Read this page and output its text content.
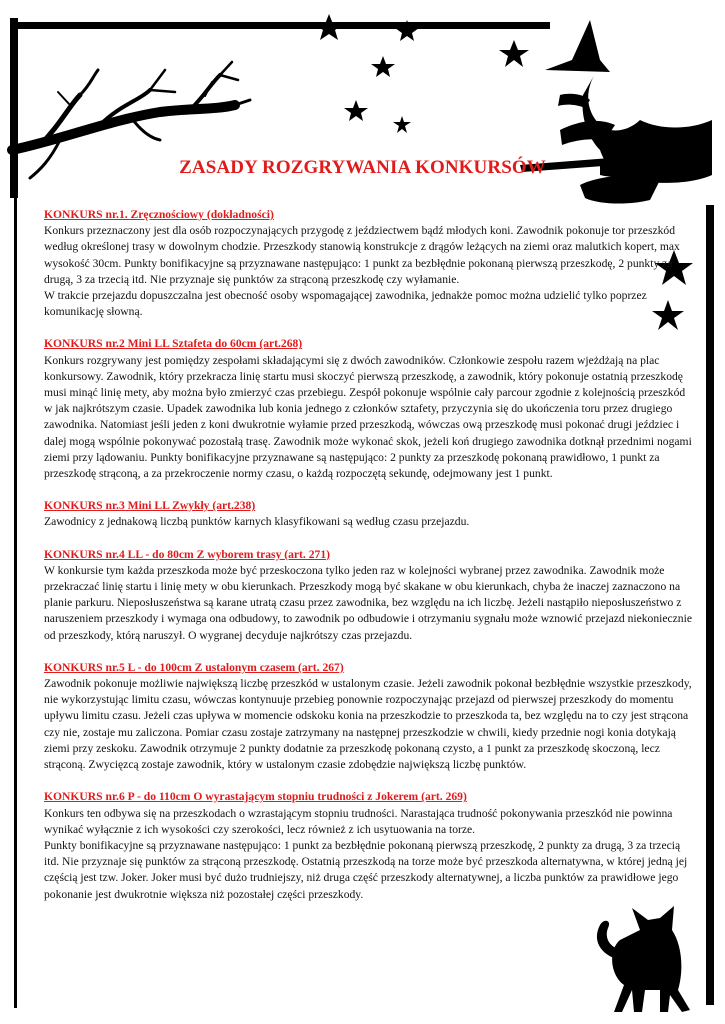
ZASADY ROZGRYWANIA KONKURSÓW
KONKURS nr.1. Zręcznościowy (dokładności)

Konkurs przeznaczony jest dla osób rozpoczynających przygodę z jeździectwem bądź młodych koni. Zawodnik pokonuje tor przeszkód według określonej trasy w dowolnym chodzie. Przeszkody stanowią konstrukcje z drągów leżących na ziemi oraz malutkich kopert, max wysokość 30cm. Punkty bonifikacyjne są przyznawane następująco: 1 punkt za bezbłędnie pokonaną pierwszą przeszkodę, 2 punkty za drugą, 3 za trzecią itd. Nie przyznaje się punktów za strąconą przeszkodę czy wyłamanie.

W trakcie przejazdu dopuszczalna jest obecność osoby wspomagającej zawodnika, jednakże pomoc można udzielić tylko poprzez komunikację słowną.

KONKURS nr.2 Mini LL Sztafeta do 60cm (art.268)

Konkurs rozgrywany jest pomiędzy zespołami składającymi się z dwóch zawodników. Członkowie zespołu razem wjeżdżają na plac konkursowy. Zawodnik, który przekracza linię startu musi skoczyć pierwszą przeszkodę, a zawodnik, który pokonuje ostatnią przeszkodę musi minąć linię mety, aby można było zmierzyć czas przebiegu. Zespół pokonuje wspólnie cały parcour zgodnie z kolejnością przeszkód w jak najkrótszym czasie. Upadek zawodnika lub konia jednego z członków sztafety, przyczynia się do ukończenia toru przez drugiego zawodnika. Natomiast jeśli jeden z koni dwukrotnie wyłamie przed przeszkodą, wówczas ową przeszkodę musi pokonać drugi jeździec i dalej mogą wspólnie pokonywać pozostałą trasę. Zawodnik może wykonać skok, jeżeli koń drugiego zawodnika dotknął przednimi nogami ziemi przy lądowaniu. Punkty bonifikacyjne przyznawane są następująco: 2 punkty za przeszkodę pokonaną prawidłowo, 1 punkt za przeszkodę strąconą, a za przekroczenie normy czasu, o każdą rozpoczętą sekundę, odejmowany jest 1 punkt.

KONKURS nr.3 Mini LL Zwykły (art.238)

Zawodnicy z jednakową liczbą punktów karnych klasyfikowani są według czasu przejazdu.

KONKURS nr.4 LL - do 80cm Z wyborem trasy (art. 271)

W konkursie tym każda przeszkoda może być przeskoczona tylko jeden raz w kolejności wybranej przez zawodnika. Zawodnik może przekraczać linię startu i linię mety w obu kierunkach. Przeszkody mogą być skakane w obu kierunkach, chyba że inaczej zaznaczono na planie parkuru. Nieposłuszeństwa są karane utratą czasu przez zawodnika, bez względu na ich liczbę. Jeżeli nastąpiło nieposłuszeństwo z naruszeniem przeszkody i wymaga ona odbudowy, to zawodnik po odbudowie i otrzymaniu sygnału może wznowić przejazd niekoniecznie od przeszkody, którą naruszył. O wygranej decyduje najkrótszy czas przejazdu.

KONKURS nr.5 L - do 100cm Z ustalonym czasem (art. 267)

Zawodnik pokonuje możliwie największą liczbę przeszkód w ustalonym czasie. Jeżeli zawodnik pokonał bezbłędnie wszystkie przeszkody, nie wykorzystując limitu czasu, wówczas kontynuuje przebieg ponownie rozpoczynając przejazd od pierwszej przeszkody do momentu upływu limitu czasu. Jeżeli czas upływa w momencie odskoku konia na przeszkodzie to przeszkoda ta, bez względu na to czy jest strącona czy nie, zostaje mu zaliczona. Pomiar czasu zostaje zatrzymany na następnej przeszkodzie w chwili, kiedy przednie nogi konia dotykają ziemi przy zeskoku. Zawodnik otrzymuje 2 punkty dodatnie za przeszkodę pokonaną czysto, a 1 punkt za przeszkodę skoczoną, lecz strąconą. Zwycięzcą zostaje zawodnik, który w ustalonym czasie zdobędzie największą liczbę punktów.

KONKURS nr.6 P - do 110cm O wyrastającym stopniu trudności z Jokerem (art. 269)

Konkurs ten odbywa się na przeszkodach o wzrastającym stopniu trudności. Narastająca trudność pokonywania przeszkód nie powinna wynikać wyłącznie z ich wysokości czy szerokości, lecz również z ich usytuowania na torze.

Punkty bonifikacyjne są przyznawane następująco: 1 punkt za bezbłędnie pokonaną pierwszą przeszkodę, 2 punkty za drugą, 3 za trzecią itd. Nie przyznaje się punktów za strąconą przeszkodę. Ostatnią przeszkodą na torze może być przeszkoda alternatywna, w której jedną jej częścią jest tzw. Joker. Joker musi być dużo trudniejszy, niż druga część przeszkody alternatywnej, a liczba punktów za prawidłowe jego pokonanie jest dwukrotnie większa niż pozostałej części przeszkody.
